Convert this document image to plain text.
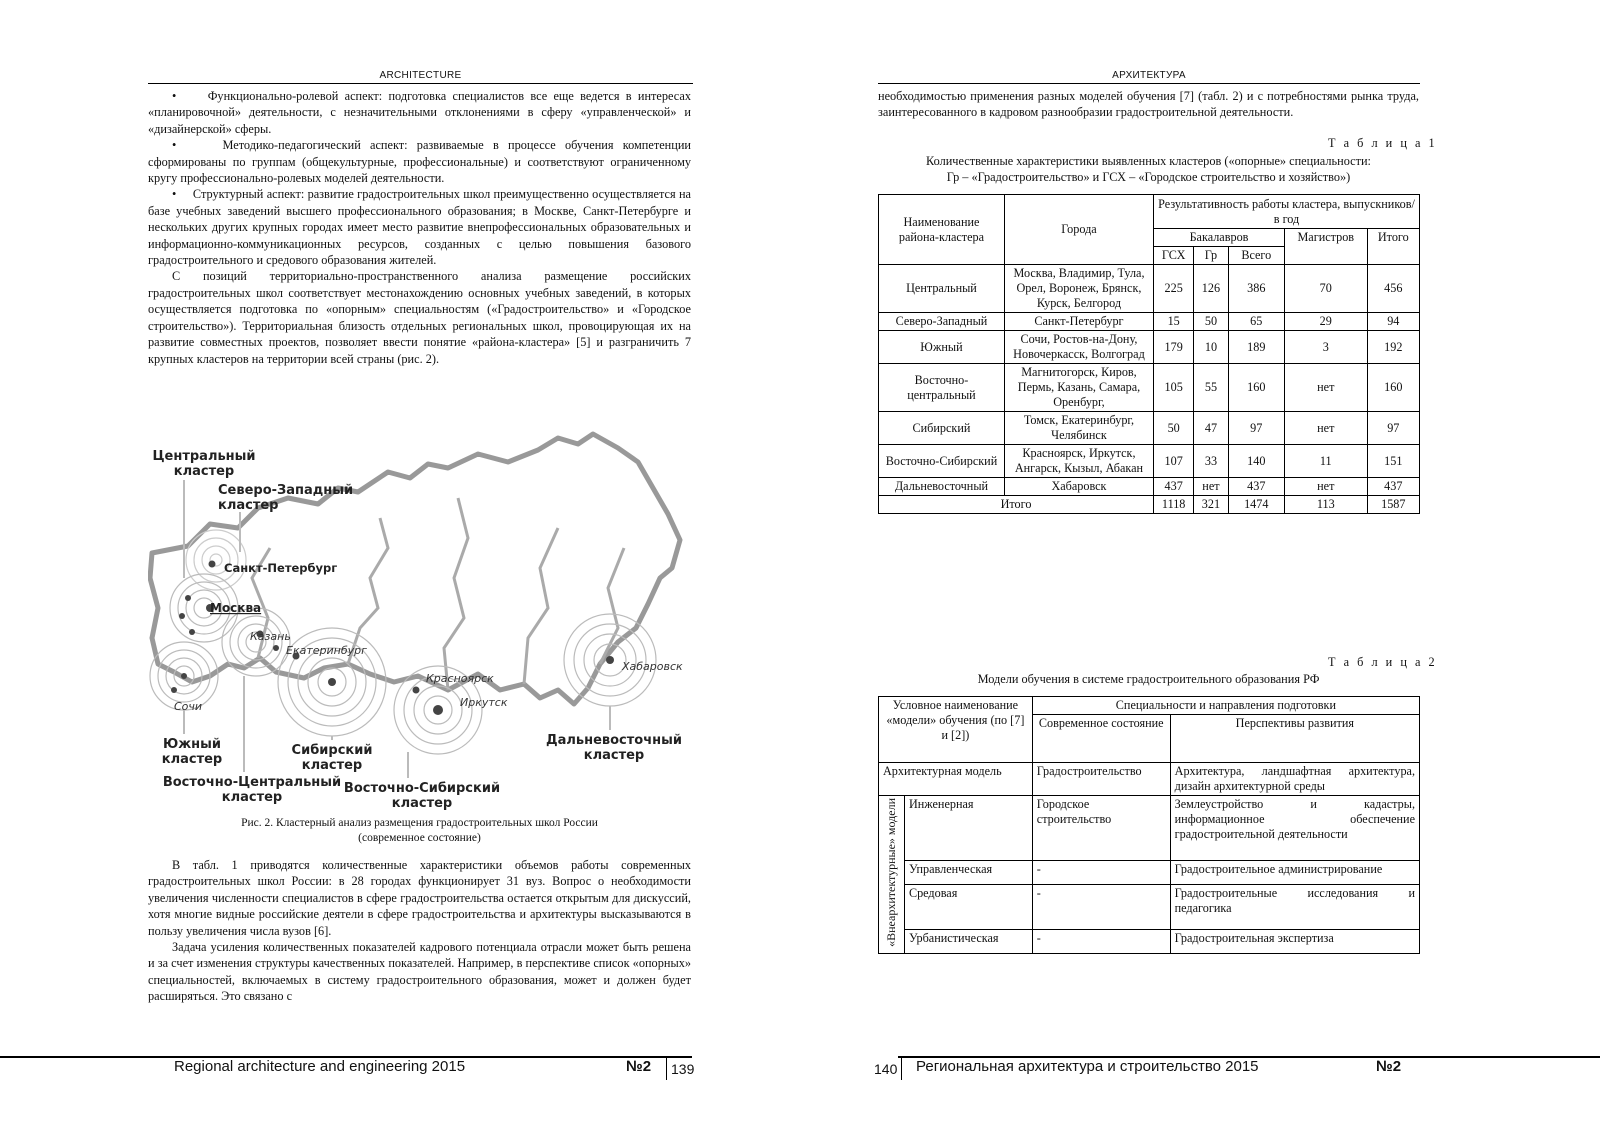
ARCHITECTURE

•     Функционально-ролевой аспект: подготовка специалистов все еще ведется в интересах «планировочной» деятельности, с незначительными отклонениями в сферу «управленческой» и «дизайнерской» сферы.

•     Методико-педагогический аспект: развиваемые в процессе обучения компетенции сформированы по группам (общекультурные, профессиональные) и соответствуют ограниченному кругу профессионально-ролевых моделей деятельности.

•     Структурный аспект: развитие градостроительных школ преимущественно осуществляется на базе учебных заведений высшего профессионального образования; в Москве, Санкт-Петербурге и нескольких других крупных городах имеет место развитие внепрофессиональных образовательных и информационно-коммуникационных ресурсов, созданных с целью повышения базового градостроительного и средового образования жителей.

С позиций территориально-пространственного анализа размещение российских градостроительных школ соответствует местонахождению основных учебных заведений, в которых осуществляется подготовка по «опорным» специальностям («Градостроительство» и «Городское строительство»). Территориальная близость отдельных региональных школ, провоцирующая их на развитие совместных проектов, позволяет ввести понятие «района-кластера» [5] и разграничить 7 крупных кластеров на территории всей страны (рис. 2).

Центральный кластер
Северо-Западный кластер
Южный кластер
Сибирский кластер
Восточно-Центральный кластер
Восточно-Сибирский кластер
Дальневосточный кластер
Санкт-Петербург
Москва
Казань
Екатеринбург
Сочи
Красноярск
Иркутск
Хабаровск
Рис. 2. Кластерный анализ размещения градостроительных школ России
(современное состояние)

В табл. 1 приводятся количественные характеристики объемов работы современных градостроительных школ России: в 28 городах функционирует 31 вуз. Вопрос о необходимости увеличения численности специалистов в сфере градостроительства остается открытым для дискуссий, хотя многие видные российские деятели в сфере градостроительства и архитектуры высказываются в пользу увеличения числа вузов [6].

Задача усиления количественных показателей кадрового потенциала отрасли может быть решена и за счет изменения структуры качественных показателей. Например, в перспективе список «опорных» специальностей, включаемых в систему градостроительного образования, может и должен будет расширяться. Это связано с

Regional architecture and engineering 2015	№2	139
АРХИТЕКТУРА

необходимостью применения разных моделей обучения [7] (табл. 2) и с потребностями рынка труда, заинтересованного в кадровом разнообразии градостроительной деятельности.

Т а б л и ц а 1
Количественные характеристики выявленных кластеров («опорные» специальности:
Гр – «Градостроительство» и ГСХ – «Городское строительство и хозяйство»)
Наименование района-кластера	Города	Результативность работы кластера, выпускников/в год				
		Бакалавров			Магистров	Итого
		ГСХ	Гр	Всего		
Центральный	Москва, Владимир, Тула, Орел, Воронеж, Брянск, Курск, Белгород	225	126	386	70	456
Северо-Западный	Санкт-Петербург	15	50	65	29	94
Южный	Сочи, Ростов-на-Дону, Новочеркасск, Волгоград	179	10	189	3	192
Восточно-центральный	Магнитогорск, Киров, Пермь, Казань, Самара, Оренбург,	105	55	160	нет	160
Сибирский	Томск, Екатеринбург, Челябинск	50	47	97	нет	97
Восточно-Сибирский	Красноярск, Иркутск, Ангарск, Кызыл, Абакан	107	33	140	11	151
Дальневосточный	Хабаровск	437	нет	437	нет	437
Итого		1118	321	1474	113	1587
Т а б л и ц а 2
Модели обучения в системе градостроительного образования РФ
Условное наименование «модели» обучения (по [7] и [2])		Специальности и направления подготовки	
		Современное состояние	Перспективы развития
Архитектурная модель		Градостроительство	Архитектура, ландшафтная архитектура, дизайн архитектурной среды
«Внеархитектурные» модели	Инженерная	Городское строительство	Землеустройство и кадастры, информационное обеспечение градостроительной деятельности
	Управленческая	-	Градостроительное администрирование
	Средовая	-	Градостроительные исследования и педагогика
	Урбанистическая	-	Градостроительная экспертиза
140	Региональная архитектура и строительство 2015	№2
